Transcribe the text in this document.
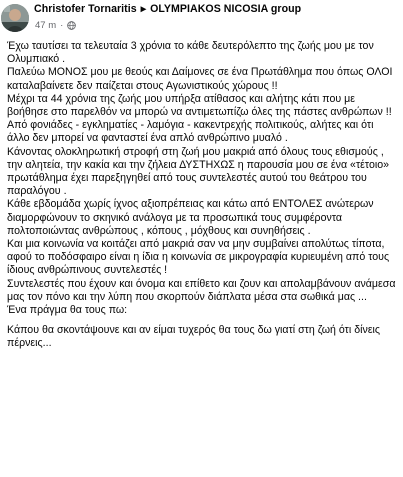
Christofer Tornaritis ▸ OLYMPIAKOS NICOSIA group
47 m ·
Έχω ταυτίσει τα τελευταία 3 χρόνια το κάθε δευτερόλεπτο της ζωής μου με τον Ολυμπιακό .
Παλεύω ΜΟΝΟΣ μου με θεούς και Δαίμονες σε ένα Πρωτάθλημα που όπως ΟΛΟΙ καταλαβαίνετε δεν παίζεται στους Αγωνιστικούς χώρους !!
Μέχρι τα 44 χρόνια της ζωής μου υπήρξα ατίθασος και αλήτης κάτι που με βοήθησε στο παρελθόν να μπορώ να αντιμετωπίζω όλες της πάστες ανθρώπων !! Από φονιάδες - εγκληματίες - λαμόγια - κακεντρεχής πολιτικούς, αλήτες και ότι άλλο δεν μπορεί να φανταστεί ένα απλό ανθρώπινο μυαλό .
Κάνοντας ολοκληρωτική στροφή στη ζωή μου μακριά από όλους τους εθισμούς , την αλητεία, την κακία και την ζήλεια ΔΥΣΤΗΧΩΣ η παρουσία μου σε ένα «τέτοιο» πρωτάθλημα έχει παρεξηγηθεί από τους συντελεστές αυτού του θεάτρου του παραλόγου .
Κάθε εβδομάδα χωρίς ίχνος αξιοπρέπειας και κάτω από ΕΝΤΟΛΕΣ ανώτερων διαμορφώνουν το σκηνικό ανάλογα με τα προσωπικά τους συμφέροντα πολτοποιώντας ανθρώπους , κόπους , μόχθους και συνηθήσεις .
Και μια κοινωνία να κοιτάζει από μακριά σαν να μην συμβαίνει απολύτως τίποτα, αφού το ποδόσφαιρο είναι η ίδια η κοινωνία σε μικρογραφία κυριευμένη από τους ίδιους ανθρώπινους συντελεστές !
Συντελεστές που έχουν και όνομα και επίθετο και ζουν και απολαμβάνουν ανάμεσα μας τον πόνο και την λύπη που σκορπούν διάπλατα μέσα στα σωθικά μας ...
Ένα πράγμα θα τους πω:
Κάπου θα σκοντάψουνε και αν είμαι τυχερός θα τους δω γιατί στη ζωή ότι δίνεις πέρνεις...
